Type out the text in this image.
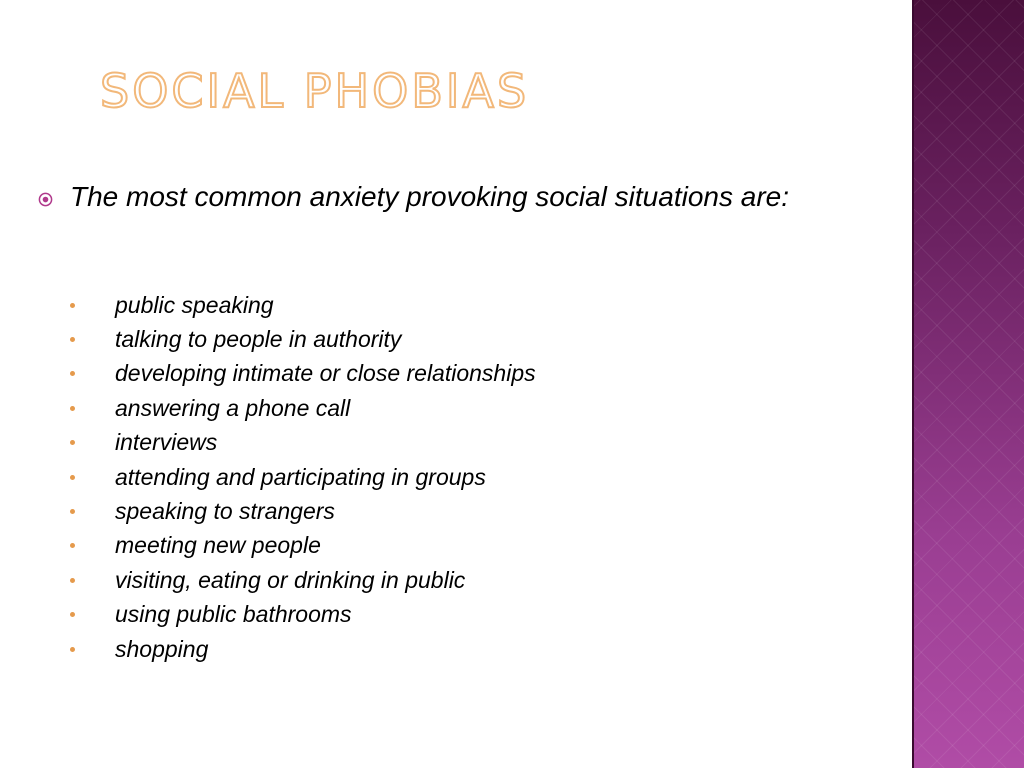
SOCIAL PHOBIAS

The most common anxiety provoking social situations are:

public speaking
talking to people in authority
developing intimate or close relationships
answering a phone call
interviews
attending and participating in groups
speaking to strangers
meeting new people
visiting, eating or drinking in public
using public bathrooms
shopping
